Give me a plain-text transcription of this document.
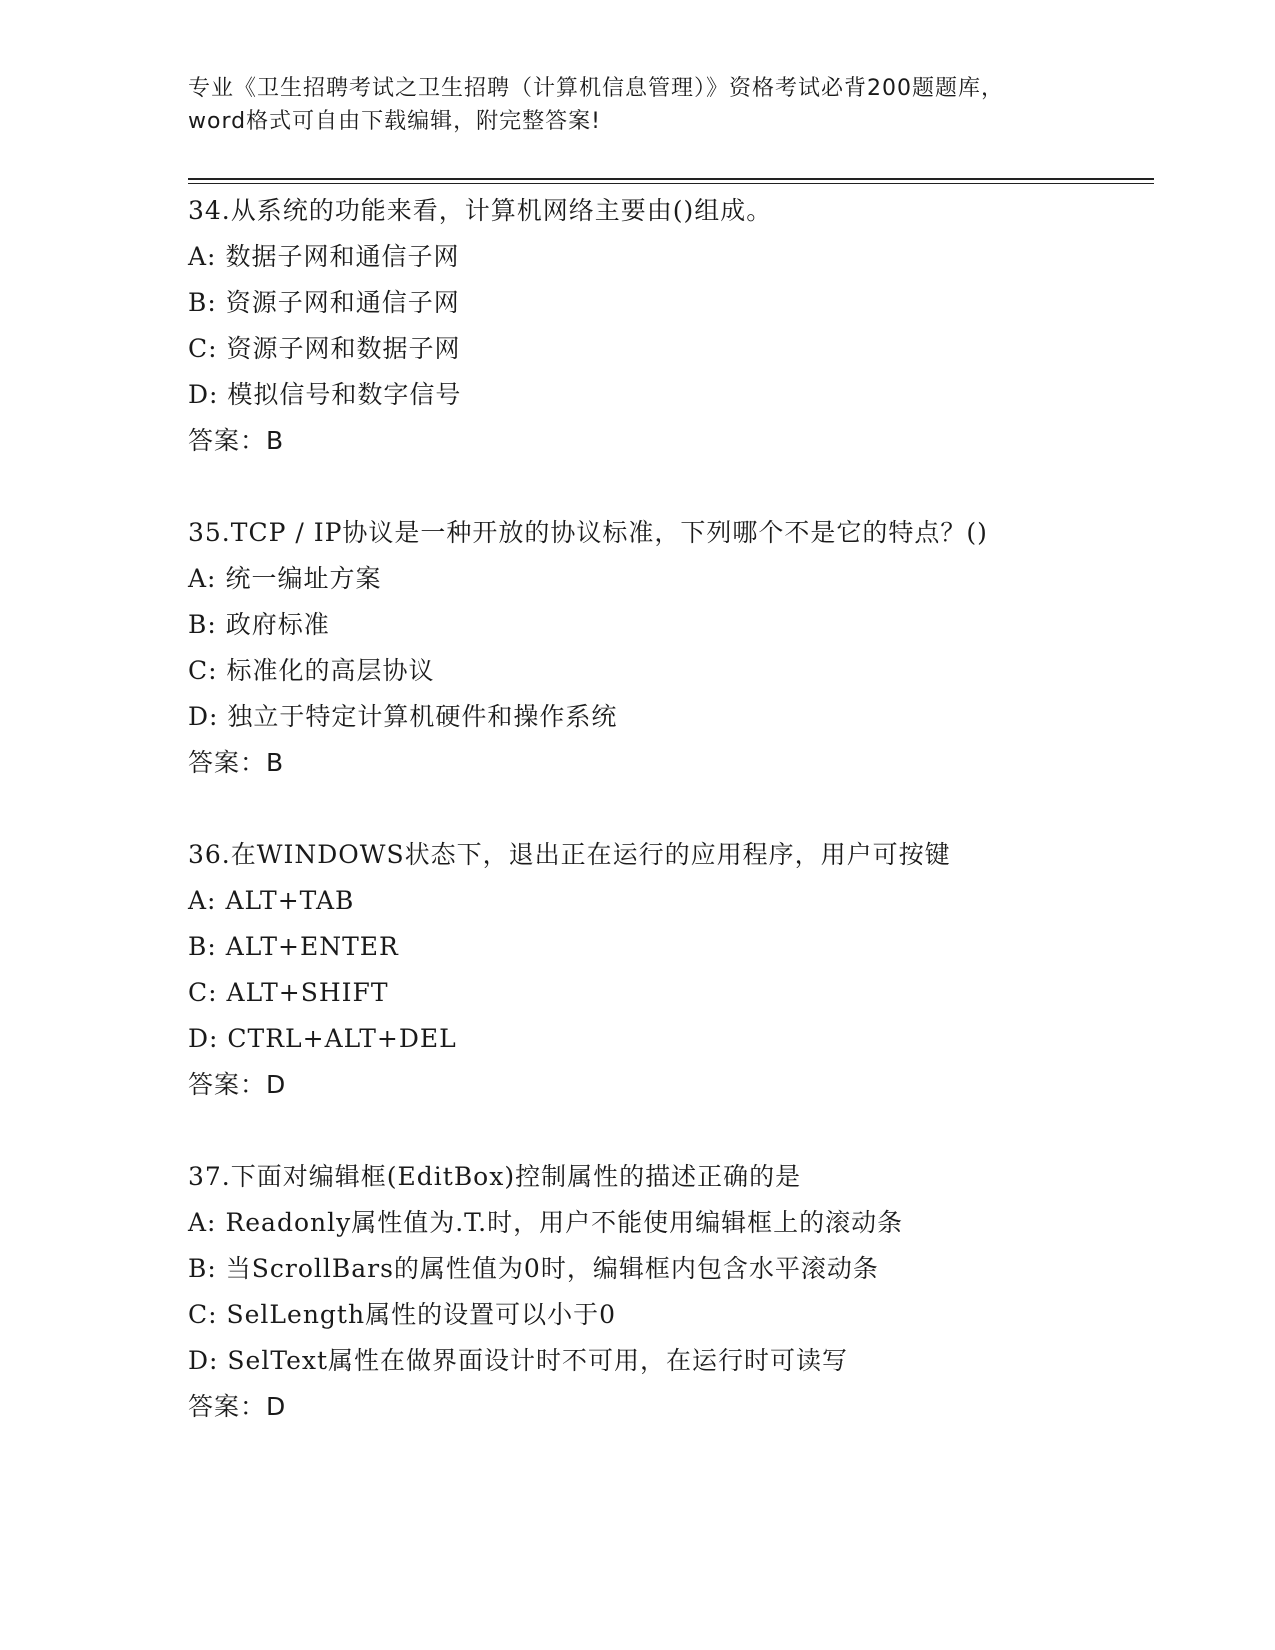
专业《卫生招聘考试之卫生招聘（计算机信息管理）》资格考试必背200题题库，
word格式可自由下载编辑，附完整答案!
34.从系统的功能来看，计算机网络主要由()组成。
A: 数据子网和通信子网
B: 资源子网和通信子网
C: 资源子网和数据子网
D: 模拟信号和数字信号
答案：B
35.TCP / IP协议是一种开放的协议标准，下列哪个不是它的特点？()
A: 统一编址方案
B: 政府标准
C: 标准化的高层协议
D: 独立于特定计算机硬件和操作系统
答案：B
36.在WINDOWS状态下，退出正在运行的应用程序，用户可按键
A: ALT+TAB
B: ALT+ENTER
C: ALT+SHIFT
D: CTRL+ALT+DEL
答案：D
37.下面对编辑框(EditBox)控制属性的描述正确的是
A: Readonly属性值为.T.时，用户不能使用编辑框上的滚动条
B: 当ScrollBars的属性值为0时，编辑框内包含水平滚动条
C: SelLength属性的设置可以小于0
D: SelText属性在做界面设计时不可用，在运行时可读写
答案：D
